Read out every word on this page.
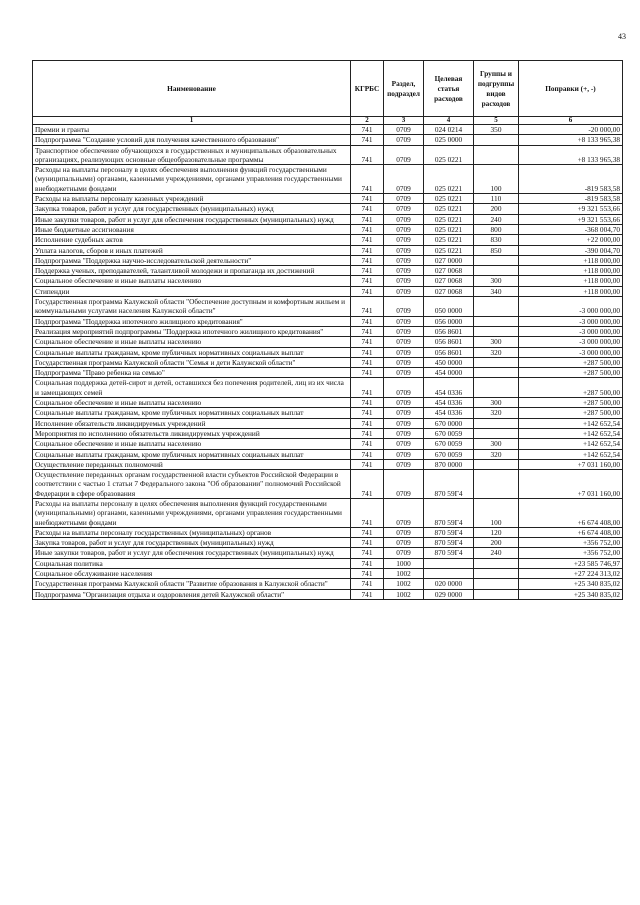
43
Наименование	КГРБС	Раздел, подраздел	Целевая статья расходов	Группы и подгруппы видов расходов	Поправки (+, -)
1	2	3	4	5	6
Премии и гранты	741	0709	024 0214	350	-20 000,00
Подпрограмма "Создание условий для получения качественного образования"	741	0709	025 0000		+8 133 965,38
Транспортное обеспечение обучающихся в государственных и муниципальных образовательных организациях, реализующих основные общеобразовательные программы	741	0709	025 0221		+8 133 965,38
Расходы на выплаты персоналу в целях обеспечения выполнения функций государственными (муниципальными) органами, казенными учреждениями, органами управления государственными внебюджетными фондами	741	0709	025 0221	100	-819 583,58
Расходы на выплаты персоналу казенных учреждений	741	0709	025 0221	110	-819 583,58
Закупка товаров, работ и услуг для государственных (муниципальных) нужд	741	0709	025 0221	200	+9 321 553,66
Иные закупки товаров, работ и услуг для обеспечения государственных (муниципальных) нужд	741	0709	025 0221	240	+9 321 553,66
Иные бюджетные ассигнования	741	0709	025 0221	800	-368 004,70
Исполнение судебных актов	741	0709	025 0221	830	+22 000,00
Уплата налогов, сборов и иных платежей	741	0709	025 0221	850	-390 004,70
Подпрограмма "Поддержка научно-исследовательской деятельности"	741	0709	027 0000		+118 000,00
Поддержка ученых, преподавателей, талантливой молодежи и пропаганда их достижений	741	0709	027 0068		+118 000,00
Социальное обеспечение и иные выплаты населению	741	0709	027 0068	300	+118 000,00
Стипендии	741	0709	027 0068	340	+118 000,00
Государственная программа Калужской области "Обеспечение доступным и комфортным жильем и коммунальными услугами населения Калужской области"	741	0709	050 0000		-3 000 000,00
Подпрограмма "Поддержка ипотечного жилищного кредитования"	741	0709	056 0000		-3 000 000,00
Реализация мероприятий подпрограммы "Поддержка ипотечного жилищного кредитования"	741	0709	056 8601		-3 000 000,00
Социальное обеспечение и иные выплаты населению	741	0709	056 8601	300	-3 000 000,00
Социальные выплаты гражданам, кроме публичных нормативных социальных выплат	741	0709	056 8601	320	-3 000 000,00
Государственная программа Калужской области "Семья и дети Калужской области"	741	0709	450 0000		+287 500,00
Подпрограмма "Право ребенка на семью"	741	0709	454 0000		+287 500,00
Социальная поддержка детей-сирот и детей, оставшихся без попечения родителей, лиц из их числа и замещающих семей	741	0709	454 0336		+287 500,00
Социальное обеспечение и иные выплаты населению	741	0709	454 0336	300	+287 500,00
Социальные выплаты гражданам, кроме публичных нормативных социальных выплат	741	0709	454 0336	320	+287 500,00
Исполнение обязательств ликвидируемых учреждений	741	0709	670 0000		+142 652,54
Мероприятия по исполнению обязательств ликвидируемых учреждений	741	0709	670 0059		+142 652,54
Социальное обеспечение и иные выплаты населению	741	0709	670 0059	300	+142 652,54
Социальные выплаты гражданам, кроме публичных нормативных социальных выплат	741	0709	670 0059	320	+142 652,54
Осуществление переданных полномочий	741	0709	870 0000		+7 031 160,00
Осуществление переданных органам государственной власти субъектов Российской Федерации в соответствии с частью 1 статьи 7 Федерального закона "Об образовании" полномочий Российской Федерации в сфере образования	741	0709	870 59Г4		+7 031 160,00
Расходы на выплаты персоналу в целях обеспечения выполнения функций государственными (муниципальными) органами, казенными учреждениями, органами управления государственными внебюджетными фондами	741	0709	870 59Г4	100	+6 674 408,00
Расходы на выплаты персоналу государственных (муниципальных) органов	741	0709	870 59Г4	120	+6 674 408,00
Закупка товаров, работ и услуг для государственных (муниципальных) нужд	741	0709	870 59Г4	200	+356 752,00
Иные закупки товаров, работ и услуг для обеспечения государственных (муниципальных) нужд	741	0709	870 59Г4	240	+356 752,00
Социальная политика	741	1000			+23 585 746,97
Социальное обслуживание населения	741	1002			+27 224 313,02
Государственная программа Калужской области "Развитие образования в Калужской области"	741	1002	020 0000		+25 340 835,02
Подпрограмма "Организация отдыха и оздоровления детей Калужской области"	741	1002	029 0000		+25 340 835,02
